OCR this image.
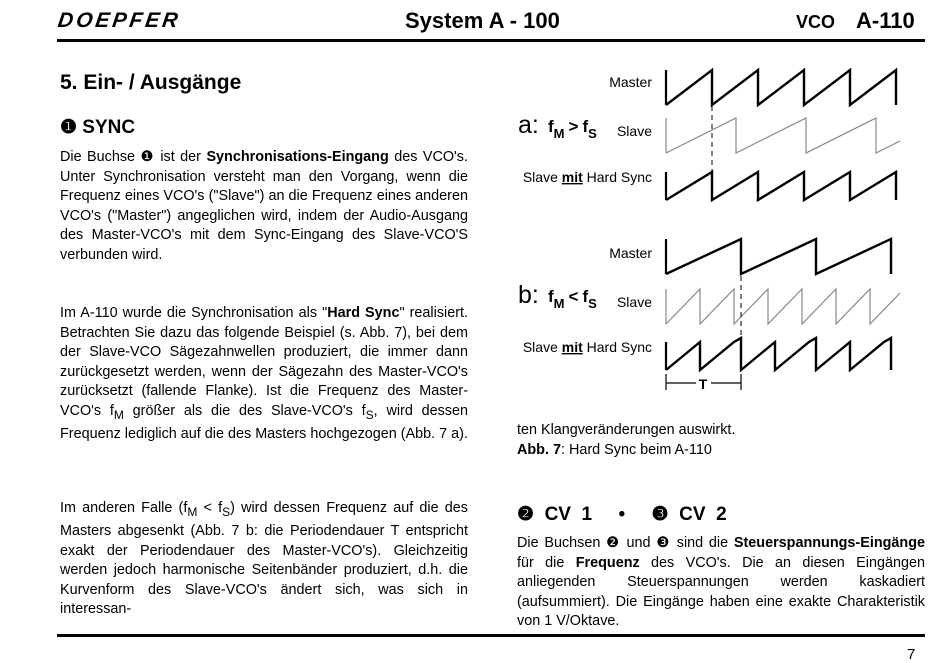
DOEPFER	System A - 100	VCO A-110
5. Ein- / Ausgänge
❶ SYNC
Die Buchse ❶ ist der Synchronisations-Eingang des VCO's. Unter Synchronisation versteht man den Vorgang, wenn die Frequenz eines VCO's ("Slave") an die Frequenz eines anderen VCO's ("Master") angeglichen wird, indem der Audio-Ausgang des Master-VCO's mit dem Sync-Eingang des Slave-VCO'S verbunden wird.
Im A-110 wurde die Synchronisation als "Hard Sync" realisiert. Betrachten Sie dazu das folgende Beispiel (s. Abb. 7), bei dem der Slave-VCO Sägezahnwellen produziert, die immer dann zurückgesetzt werden, wenn der Sägezahn des Master-VCO's zurücksetzt (fallende Flanke). Ist die Frequenz des Master-VCO's $f_M$ größer als die des Slave-VCO's $f_S$, wird dessen Frequenz lediglich auf die des Masters hochgezogen (Abb. 7 a).
Im anderen Falle $(f_M < f_S)$ wird dessen Frequenz auf die des Masters abgesenkt (Abb. 7 b: die Periodendauer T entspricht exakt der Periodendauer des Master-VCO's). Gleichzeitig werden jedoch harmonische Seitenbänder produziert, d.h. die Kurvenform des Slave-VCO's ändert sich, was sich in interessan-
Master
Slave
Slave mit Hard Sync
a: $f_M > f_S$
Master
Slave
Slave mit Hard Sync
b: $f_M < f_S$
T
ten Klangveränderungen auswirkt.
Abb. 7: Hard Sync beim A-110
❷  CV  1     •     ❸  CV  2
Die Buchsen ❷ und ❸ sind die Steuerspannungs-Eingänge für die Frequenz des VCO's. Die an diesen Eingängen anliegenden Steuerspannungen werden kaskadiert (aufsummiert). Die Eingänge haben eine exakte Charakteristik von 1 V/Oktave.
7
